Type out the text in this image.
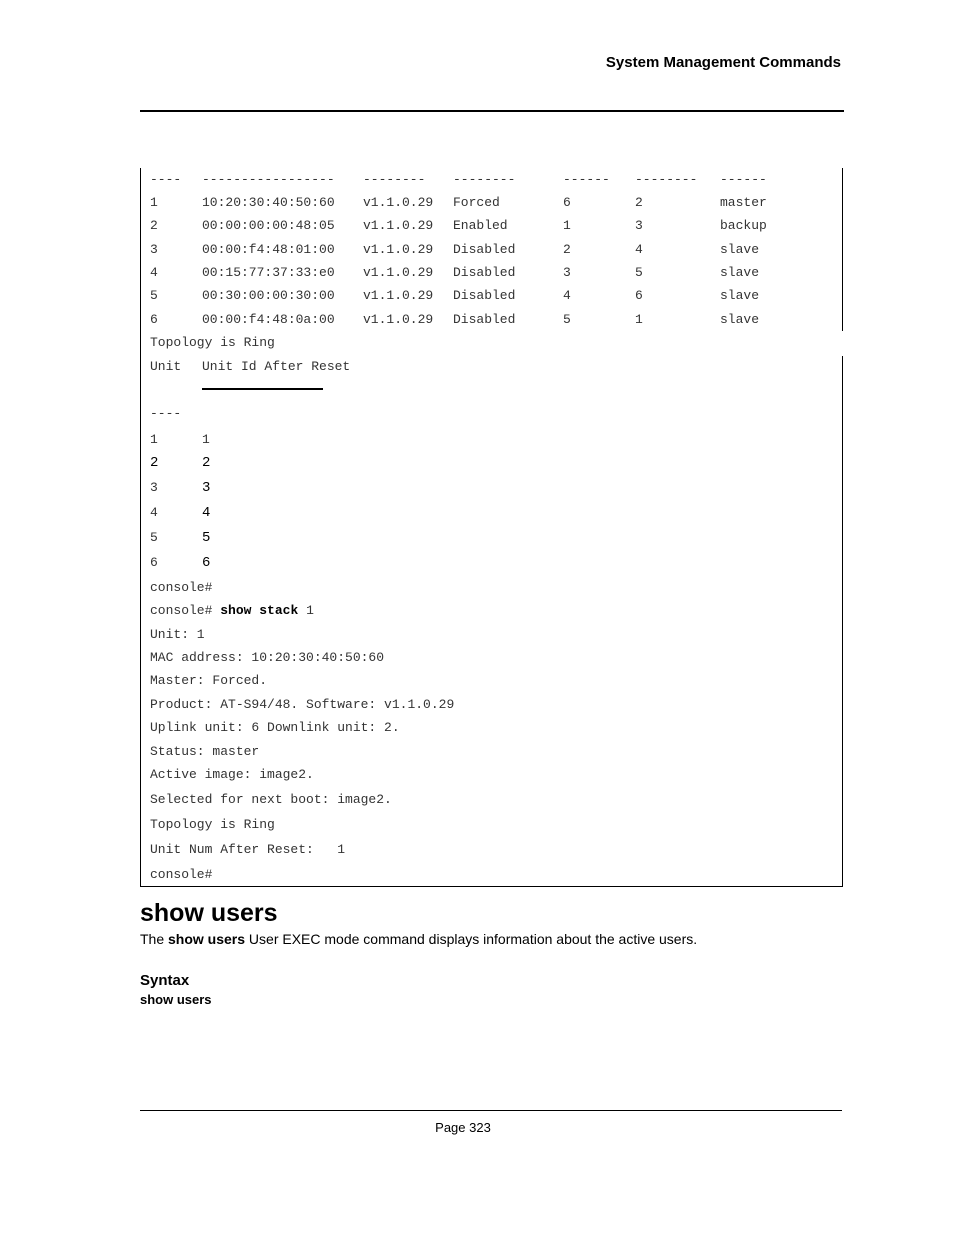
System Management Commands
---- ----------------- -------- --------	------ -------- ------
1	10:20:30:40:50:60 v1.1.0.29 Forced	6	2	master
2	00:00:00:00:48:05 v1.1.0.29 Enabled	1	3	backup
3	00:00:f4:48:01:00 v1.1.0.29 Disabled	2	4	slave
4	00:15:77:37:33:e0 v1.1.0.29 Disabled	3	5	slave
5	00:30:00:00:30:00 v1.1.0.29 Disabled	4	6	slave
6	00:00:f4:48:0a:00 v1.1.0.29 Disabled	5	1	slave
Topology is Ring
Unit Unit Id After Reset
----
1	1
2	2
3	3
4	4
5	5
6	6
console#
console# show stack 1
Unit: 1
MAC address: 10:20:30:40:50:60
Master: Forced.
Product: AT-S94/48. Software: v1.1.0.29
Uplink unit: 6 Downlink unit: 2.
Status: master
Active image: image2.
Selected for next boot: image2.
Topology is Ring
Unit Num After Reset:   1
console#
show users
The show users User EXEC mode command displays information about the active users.
Syntax
show users
Page 323
